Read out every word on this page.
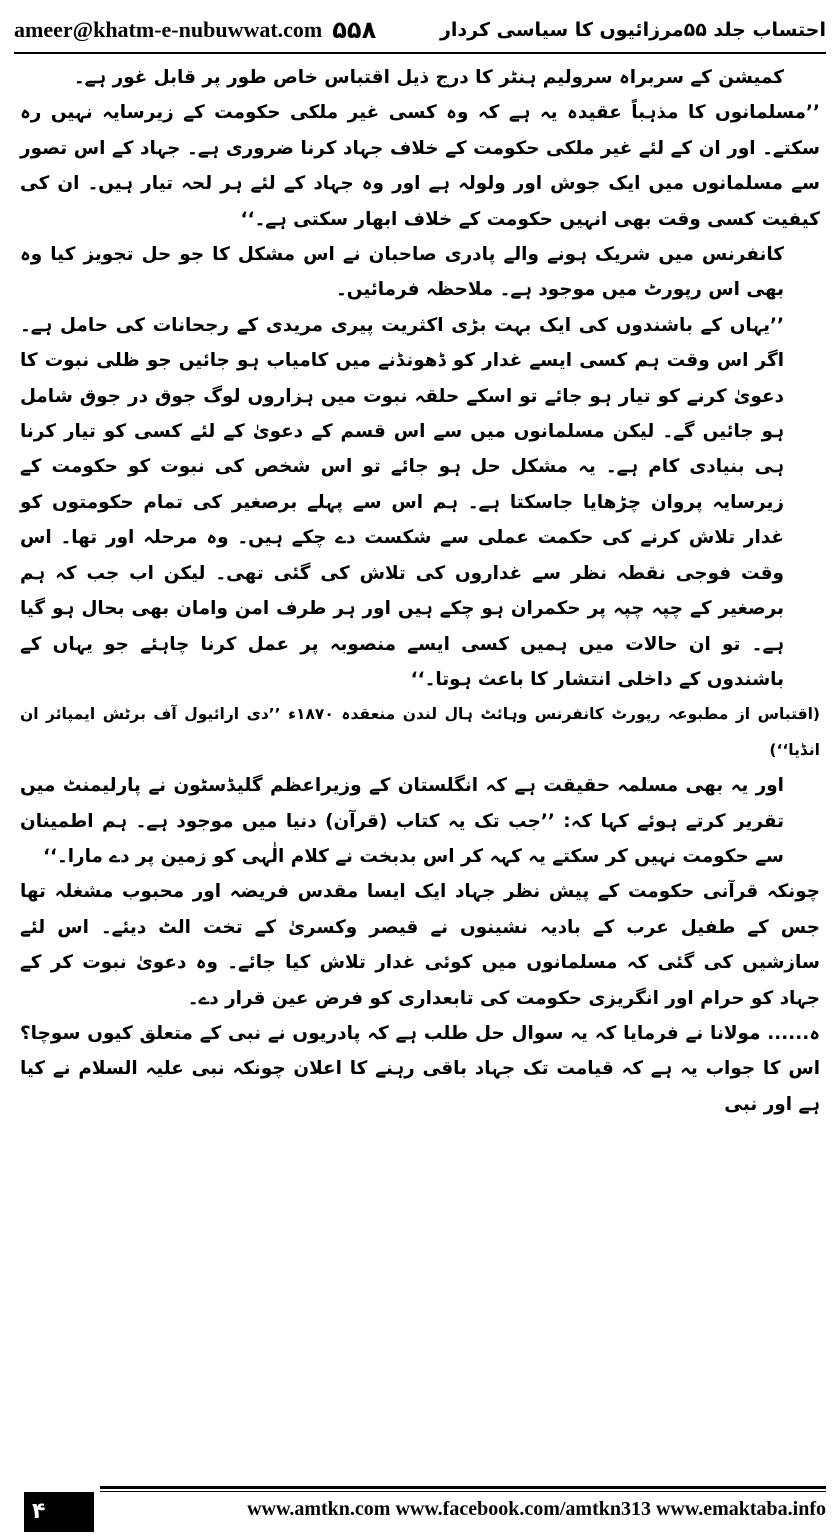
ameer@khatm-e-nubuwwat.com ۵۵۸	احتساب جلد ۵۵مرزائیوں کا سیاسی کردار

کمیشن کے سربراہ سرولیم ہنٹر کا درج ذیل اقتباس خاص طور پر قابل غور ہے۔

’’مسلمانوں کا مذہباً عقیدہ یہ ہے کہ وہ کسی غیر ملکی حکومت کے زیرسایہ نہیں رہ سکتے۔ اور ان کے لئے غیر ملکی حکومت کے خلاف جہاد کرنا ضروری ہے۔ جہاد کے اس تصور سے مسلمانوں میں ایک جوش اور ولولہ ہے اور وہ جہاد کے لئے ہر لحہ تیار ہیں۔ ان کی کیفیت کسی وقت بھی انہیں حکومت کے خلاف ابھار سکتی ہے۔‘‘

کانفرنس میں شریک ہونے والے پادری صاحبان نے اس مشکل کا جو حل تجویز کیا وہ بھی اس رپورٹ میں موجود ہے۔ ملاحظہ فرمائیں۔

’’یہاں کے باشندوں کی ایک بہت بڑی اکثریت پیری مریدی کے رجحانات کی حامل ہے۔ اگر اس وقت ہم کسی ایسے غدار کو ڈھونڈنے میں کامیاب ہو جائیں جو ظلی نبوت کا دعویٰ کرنے کو تیار ہو جائے تو اسکے حلقہ نبوت میں ہزاروں لوگ جوق در جوق شامل ہو جائیں گے۔ لیکن مسلمانوں میں سے اس قسم کے دعویٰ کے لئے کسی کو تیار کرنا ہی بنیادی کام ہے۔ یہ مشکل حل ہو جائے تو اس شخص کی نبوت کو حکومت کے زیرسایہ پروان چڑھایا جاسکتا ہے۔ ہم اس سے پہلے برصغیر کی تمام حکومتوں کو غدار تلاش کرنے کی حکمت عملی سے شکست دے چکے ہیں۔ وہ مرحلہ اور تھا۔ اس وقت فوجی نقطہ نظر سے غداروں کی تلاش کی گئی تھی۔ لیکن اب جب کہ ہم برصغیر کے چپہ چپہ پر حکمران ہو چکے ہیں اور ہر طرف امن وامان بھی بحال ہو گیا ہے۔ تو ان حالات میں ہمیں کسی ایسے منصوبہ پر عمل کرنا چاہئے جو یہاں کے باشندوں کے داخلی انتشار کا باعث ہوتا۔‘‘

(اقتباس از مطبوعہ رپورٹ کانفرنس وہائٹ ہال لندن منعقدہ ۱۸۷۰ء ’’دی ارائیول آف برٹش ایمپائر ان انڈیا‘‘)

اور یہ بھی مسلمہ حقیقت ہے کہ انگلستان کے وزیراعظم گلیڈسٹون نے پارلیمنٹ میں تقریر کرتے ہوئے کہا کہ: ’’جب تک یہ کتاب (قرآن) دنیا میں موجود ہے۔ ہم اطمینان سے حکومت نہیں کر سکتے یہ کہہ کر اس بدبخت نے کلام الٰہی کو زمین پر دے مارا۔‘‘

چونکہ قرآنی حکومت کے پیش نظر جہاد ایک ایسا مقدس فریضہ اور محبوب مشغلہ تھا جس کے طفیل عرب کے بادیہ نشینوں نے قیصر وکسریٰ کے تخت الٹ دیئے۔ اس لئے سازشیں کی گئی کہ مسلمانوں میں کوئی غدار تلاش کیا جائے۔ وہ دعویٰ نبوت کر کے جہاد کو حرام اور انگریزی حکومت کی تابعداری کو فرض عین قرار دے۔

ہ...... مولانا نے فرمایا کہ یہ سوال حل طلب ہے کہ پادریوں نے نبی کے متعلق کیوں سوچا؟ اس کا جواب یہ ہے کہ قیامت تک جہاد باقی رہنے کا اعلان چونکہ نبی علیہ السلام نے کیا ہے اور نبی

۴	www.amtkn.com www.facebook.com/amtkn313 www.emaktaba.info
